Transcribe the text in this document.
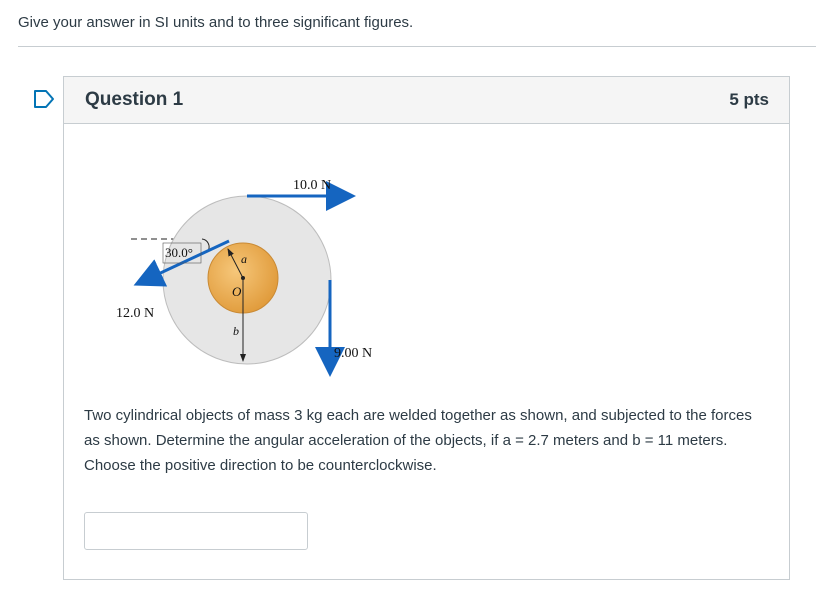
Give your answer in SI units and to three significant figures.
Question 1	5 pts
10.0 N
30.0°	a
O
b
12.0 N
9.00 N
Two cylindrical objects of mass 3 kg each are welded together as shown, and subjected to the forces as shown. Determine the angular acceleration of the objects, if a = 2.7 meters and b = 11 meters. Choose the positive direction to be counterclockwise.
